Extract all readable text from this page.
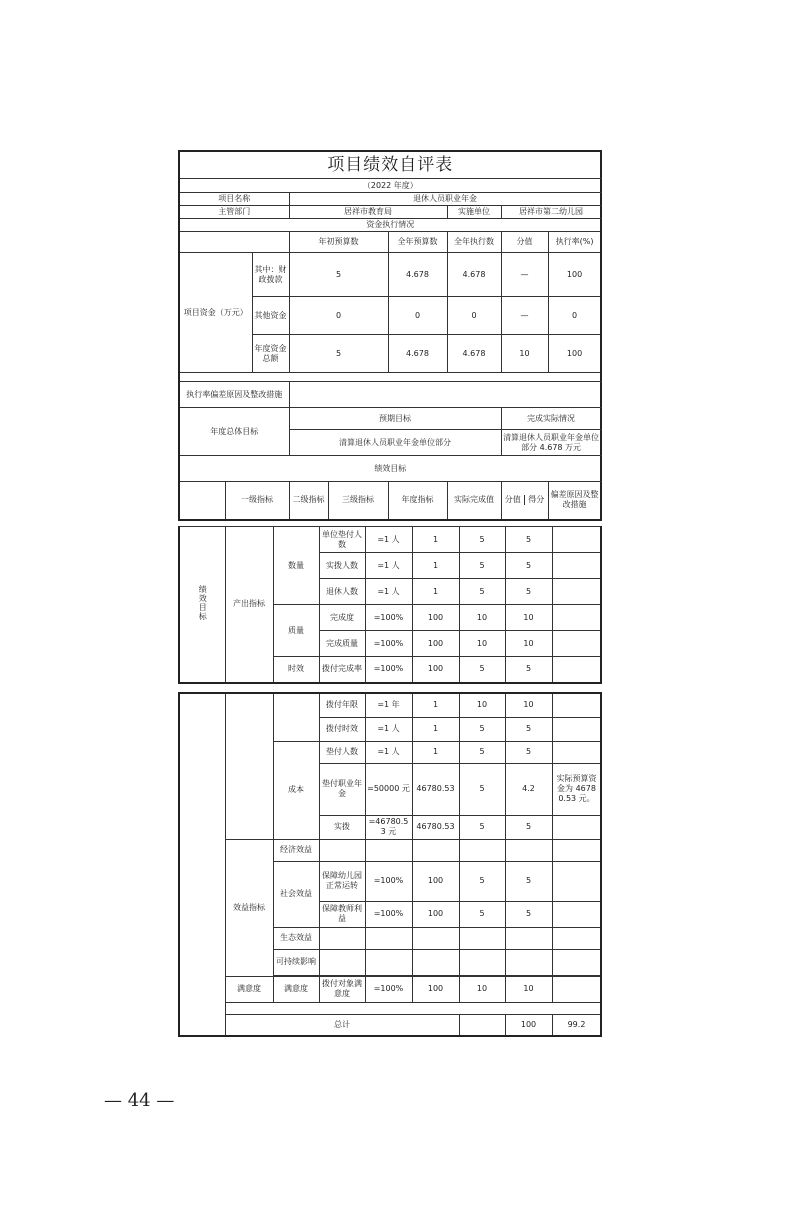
项目绩效自评表									
（2022 年度）									
项目名称			退休人员职业年金						
主管部门			居祥市教育局			实施单位	居祥市第二幼儿园		
资金执行情况									
			年初预算数		全年预算数	全年执行数	分值	执行率(%)	
项目资金（万元）		其中：财政拨款	5		4.678	4.678	—	100	
		其他资金	0		0	0	—	0	
		年度资金总额	5		4.678	4.678	10	100	

执行率偏差原因及整改措施									
年度总体目标			预期目标				完成实际情况		
			清算退休人员职业年金单位部分				清算退休人员职业年金单位部分 4.678 万元		
绩效目标									
	一级指标		二级指标	三级指标	年度指标	实际完成值	分值 得分	偏差原因及整改措施	
绩效目标	产出指标	数量	单位垫付人数	=1 人	1	5	5	
			实拨人数	=1 人	1	5	5	
			退休人数	=1 人	1	5	5	
		质量	完成度	=100%	100	10	10	
			完成质量	=100%	100	10	10	
		时效	拨付完成率	=100%	100	5	5	
			拨付年限	=1 年	1	10	10		
			拨付时效	=1 人	1	5	5		
		成本	垫付人数	=1 人	1	5	5		
			垫付职业年金	=50000 元	46780.53	5	4.2	实际预算资金为 46780.53 元。	
			实拨	=46780.53 元	46780.53	5	5		
	效益指标	经济效益							
		社会效益	保障幼儿园正常运转	=100%	100	5	5		
			保障教师利益	=100%	100	5	5		
		生态效益							
		可持续影响							

	满意度	满意度	拨付对象满意度	=100%	100	10	10		

	总计						100	99.2	
— 44 —
